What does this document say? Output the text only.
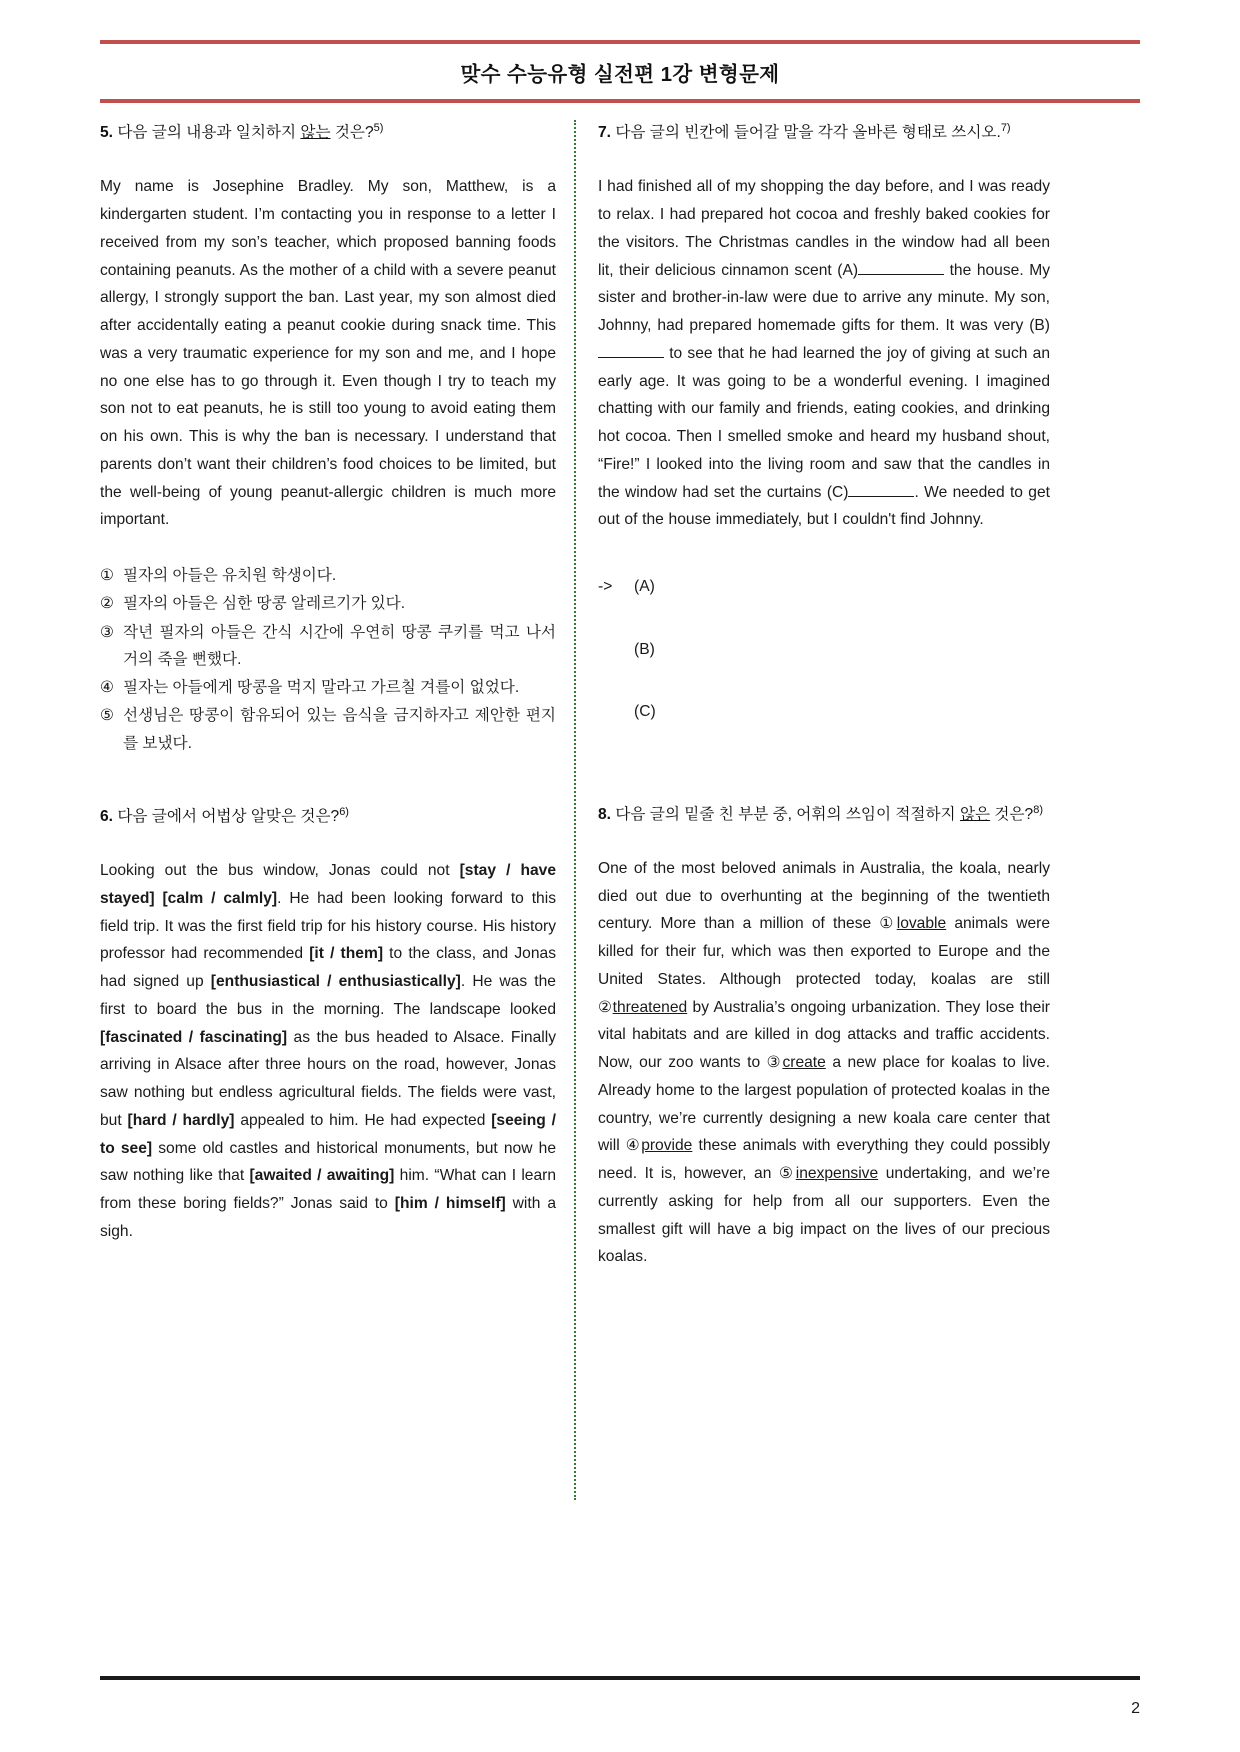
맞수 수능유형 실전편 1강 변형문제
5. 다음 글의 내용과 일치하지 않는 것은?$^{5)}$
My name is Josephine Bradley. My son, Matthew, is a kindergarten student. I’m contacting you in response to a letter I received from my son’s teacher, which proposed banning foods containing peanuts. As the mother of a child with a severe peanut allergy, I strongly support the ban. Last year, my son almost died after accidentally eating a peanut cookie during snack time. This was a very traumatic experience for my son and me, and I hope no one else has to go through it. Even though I try to teach my son not to eat peanuts, he is still too young to avoid eating them on his own. This is why the ban is necessary. I understand that parents don’t want their children’s food choices to be limited, but the well-being of young peanut-allergic children is much more important.
① 필자의 아들은 유치원 학생이다.
② 필자의 아들은 심한 땅콩 알레르기가 있다.
③ 작년 필자의 아들은 간식 시간에 우연히 땅콩 쿠키를 먹고 나서 거의 죽을 뻔했다.
④ 필자는 아들에게 땅콩을 먹지 말라고 가르칠 겨를이 없었다.
⑤ 선생님은 땅콩이 함유되어 있는 음식을 금지하자고 제안한 편지를 보냈다.
6. 다음 글에서 어법상 알맞은 것은?$^{6)}$
Looking out the bus window, Jonas could not [stay / have stayed] [calm / calmly]. He had been looking forward to this field trip. It was the first field trip for his history course. His history professor had recommended [it / them] to the class, and Jonas had signed up [enthusiastical / enthusiastically]. He was the first to board the bus in the morning. The landscape looked [fascinated / fascinating] as the bus headed to Alsace. Finally arriving in Alsace after three hours on the road, however, Jonas saw nothing but endless agricultural fields. The fields were vast, but [hard / hardly] appealed to him. He had expected [seeing / to see] some old castles and historical monuments, but now he saw nothing like that [awaited / awaiting] him. “What can I learn from these boring fields?” Jonas said to [him / himself] with a sigh.
7. 다음 글의 빈칸에 들어갈 말을 각각 올바른 형태로 쓰시오.$^{7)}$
I had finished all of my shopping the day before, and I was ready to relax. I had prepared hot cocoa and freshly baked cookies for the visitors. The Christmas candles in the window had all been lit, their delicious cinnamon scent (A)	the house. My sister and brother-in-law were due to arrive any minute. My son, Johnny, had prepared homemade gifts for them. It was very (B) to see that he had learned the joy of giving at such an early age. It was going to be a wonderful evening. I imagined chatting with our family and friends, eating cookies, and drinking hot cocoa. Then I smelled smoke and heard my husband shout, “Fire!” I looked into the living room and saw that the candles in the window had set the curtains (C)	. We needed to get out of the house immediately, but I couldn't find Johnny.
->	(A)
(B)
(C)
8. 다음 글의 밑줄 친 부분 중, 어휘의 쓰임이 적절하지 않은 것은?$^{8)}$
One of the most beloved animals in Australia, the koala, nearly died out due to overhunting at the beginning of the twentieth century. More than a million of these ①lovable animals were killed for their fur, which was then exported to Europe and the United States. Although protected today, koalas are still ②threatened by Australia’s ongoing urbanization. They lose their vital habitats and are killed in dog attacks and traffic accidents. Now, our zoo wants to ③create a new place for koalas to live. Already home to the largest population of protected koalas in the country, we’re currently designing a new koala care center that will ④provide these animals with everything they could possibly need. It is, however, an ⑤inexpensive undertaking, and we’re currently asking for help from all our supporters. Even the smallest gift will have a big impact on the lives of our precious koalas.
2
